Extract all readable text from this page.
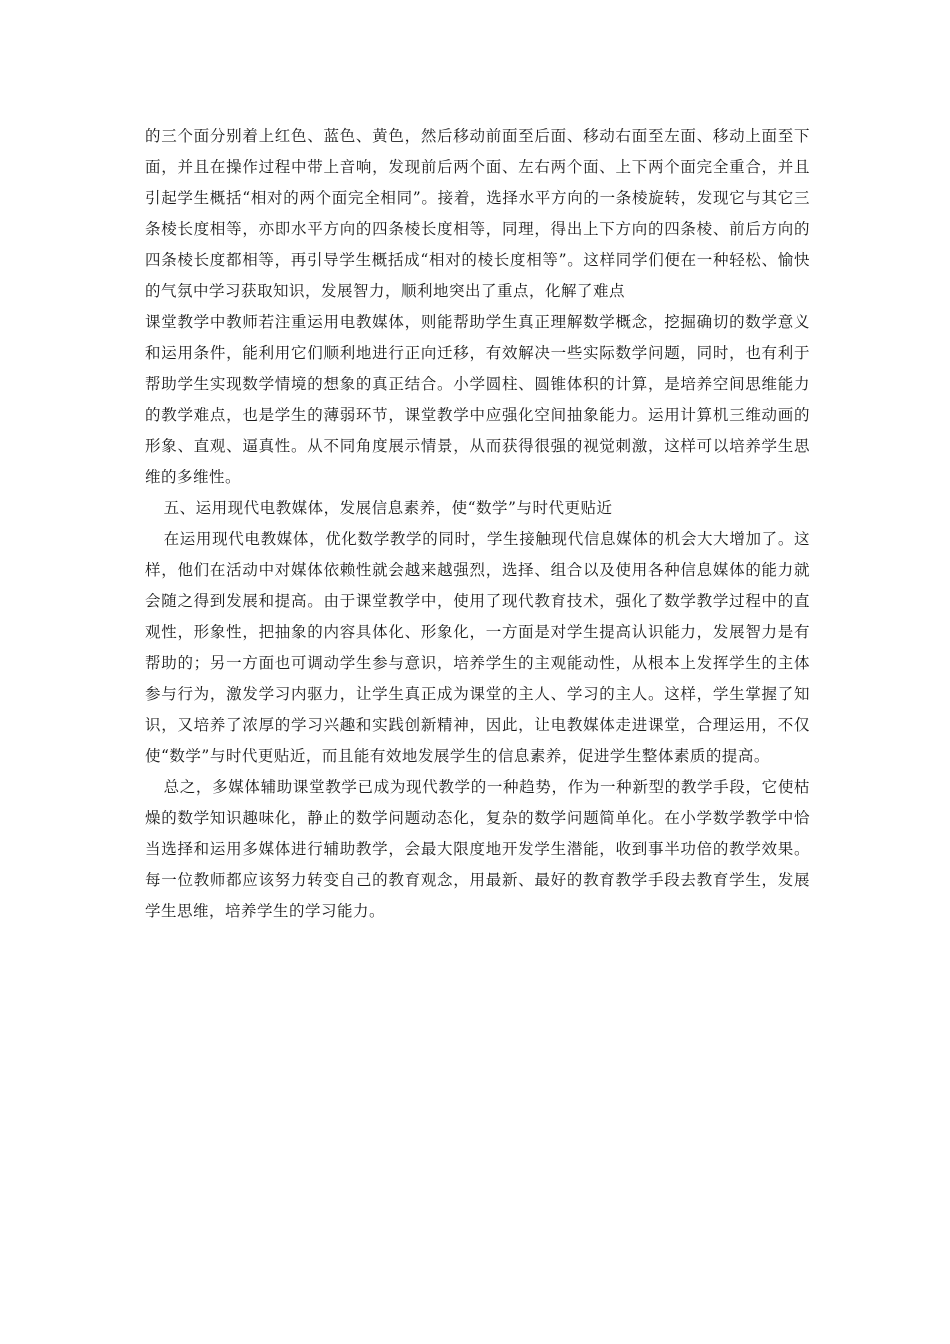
的三个面分别着上红色、蓝色、黄色，然后移动前面至后面、移动右面至左面、移动上面至下面，并且在操作过程中带上音响，发现前后两个面、左右两个面、上下两个面完全重合，并且引起学生概括“相对的两个面完全相同”。接着，选择水平方向的一条棱旋转，发现它与其它三条棱长度相等，亦即水平方向的四条棱长度相等，同理，得出上下方向的四条棱、前后方向的四条棱长度都相等，再引导学生概括成“相对的棱长度相等”。这样同学们便在一种轻松、愉快的气氛中学习获取知识，发展智力，顺利地突出了重点，化解了难点

课堂教学中教师若注重运用电教媒体，则能帮助学生真正理解数学概念，挖掘确切的数学意义和运用条件，能利用它们顺利地进行正向迁移，有效解决一些实际数学问题，同时，也有利于帮助学生实现数学情境的想象的真正结合。小学圆柱、圆锥体积的计算，是培养空间思维能力的教学难点，也是学生的薄弱环节，课堂教学中应强化空间抽象能力。运用计算机三维动画的形象、直观、逼真性。从不同角度展示情景，从而获得很强的视觉刺激，这样可以培养学生思维的多维性。

五、运用现代电教媒体，发展信息素养，使“数学”与时代更贴近

在运用现代电教媒体，优化数学教学的同时，学生接触现代信息媒体的机会大大增加了。这样，他们在活动中对媒体依赖性就会越来越强烈，选择、组合以及使用各种信息媒体的能力就会随之得到发展和提高。由于课堂教学中，使用了现代教育技术，强化了数学教学过程中的直观性，形象性，把抽象的内容具体化、形象化，一方面是对学生提高认识能力，发展智力是有帮助的；另一方面也可调动学生参与意识，培养学生的主观能动性，从根本上发挥学生的主体参与行为，激发学习内驱力，让学生真正成为课堂的主人、学习的主人。这样，学生掌握了知识，又培养了浓厚的学习兴趣和实践创新精神，因此，让电教媒体走进课堂，合理运用，不仅使“数学”与时代更贴近，而且能有效地发展学生的信息素养，促进学生整体素质的提高。

总之，多媒体辅助课堂教学已成为现代教学的一种趋势，作为一种新型的教学手段，它使枯燥的数学知识趣味化，静止的数学问题动态化，复杂的数学问题简单化。在小学数学教学中恰当选择和运用多媒体进行辅助教学，会最大限度地开发学生潜能，收到事半功倍的教学效果。每一位教师都应该努力转变自己的教育观念，用最新、最好的教育教学手段去教育学生，发展学生思维，培养学生的学习能力。
